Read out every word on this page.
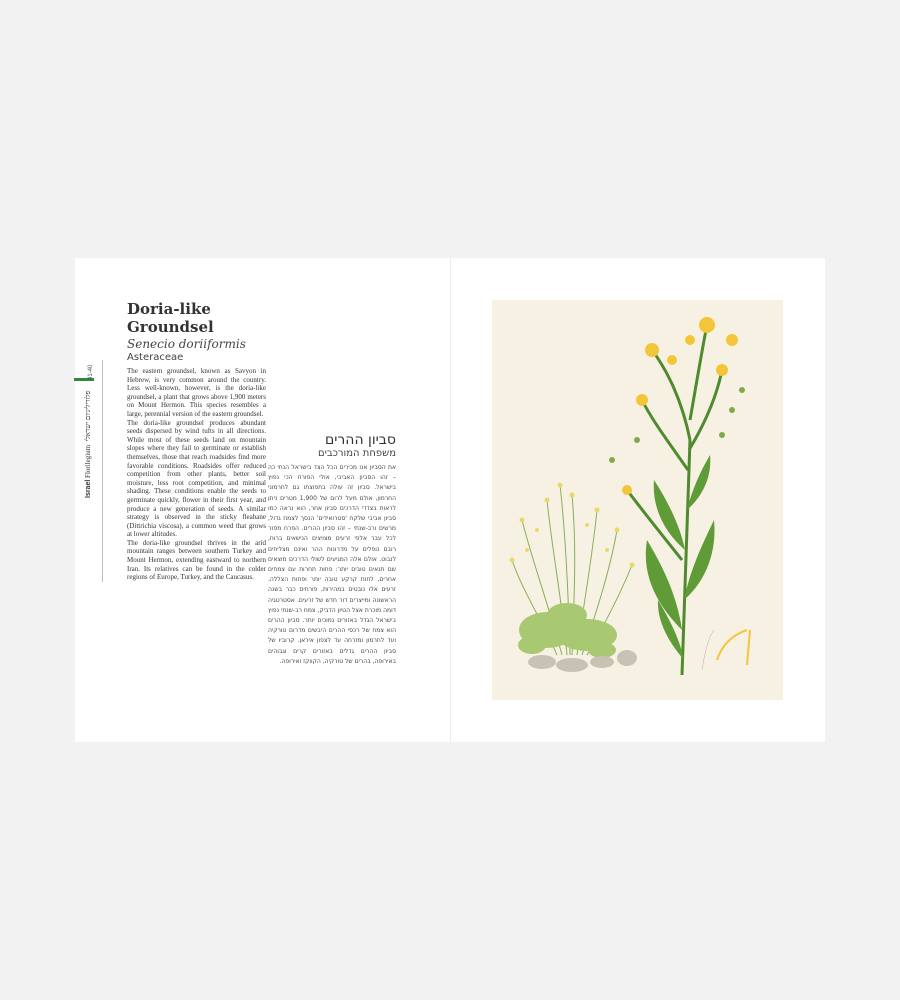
Israel Florilegium  פלוריליגיום ישראלי
41-40
Doria-like
Groundsel
Senecio doriiformis
Asteraceae

The eastern groundsel, known as Savyon in Hebrew, is very common around the country. Less well-known, however, is the doria-like groundsel, a plant that grows above 1,900 meters on Mount Hermon. This species resembles a large, perennial version of the eastern groundsel.

The doria-like groundsel produces abundant seeds dispersed by wind tufts in all directions. While most of these seeds land on mountain slopes where they fail to germinate or establish themselves, those that reach roadsides find more favorable conditions. Roadsides offer reduced competition from other plants, better soil moisture, less root competition, and minimal shading. These conditions enable the seeds to germinate quickly, flower in their first year, and produce a new generation of seeds. A similar strategy is observed in the sticky fleabane (Dittrichia viscosa), a common weed that grows at lower altitudes.

The doria-like groundsel thrives in the arid mountain ranges between southern Turkey and Mount Hermon, extending eastward to northern Iran. Its relatives can be found in the colder regions of Europe, Turkey, and the Caucasus.

סביון ההרים
משפחת המורכבים
את הסביון אנו מכירים הכל הצד בישראל הנחי כה – זהו הסביון האביבי, אולי הפורח הכי נפוץ בישראל. סביון זה עולה בתפוצתו גם לחרמוני החרמון, אולם מעל לרום של 1,900 מטרים ניתן לראות בצדדי הדרכים סביון אחר, הוא נראה כמו סביון אביבי שלקח 'סטרואידים' הנסך לצמח גדול, מרשים ורב-שנתי – זהו סביון ההרים. הפרח מפזר לכל עבר אלפי זרעים מצויצים הנישאים ברוח, רובם נופלים על מדרונות ההר ואינם מצליחים לנבוט. אולם אלה המגיעים לשולי הדרכים מוצאים שם תנאים טובים יותר: פחות תחרות עם צמחים אחרים, לחות קרקע טובה יותר ופחות הצללה. זרעים אלו נובטים במהירות, פורחים כבר בשנה הראשונה ומייצרים דור חדש של זרעים. אסטרטגיה דומה מוכרת אצל הטיון הדביק, צמח רב-שנתי נפוץ בישראל הגדל באזורים נמוכים יותר. סביון ההרים הוא צמח של רכסי ההרים היבשים מדרום טורקיה ועד לחרמון ומזרחה עד לצפון איראן. קרוביו של סביון ההרים גדלים באזורים קרים וגבוהים באירופה, בהרים של טורקיה, הקווקז ואירופה.
